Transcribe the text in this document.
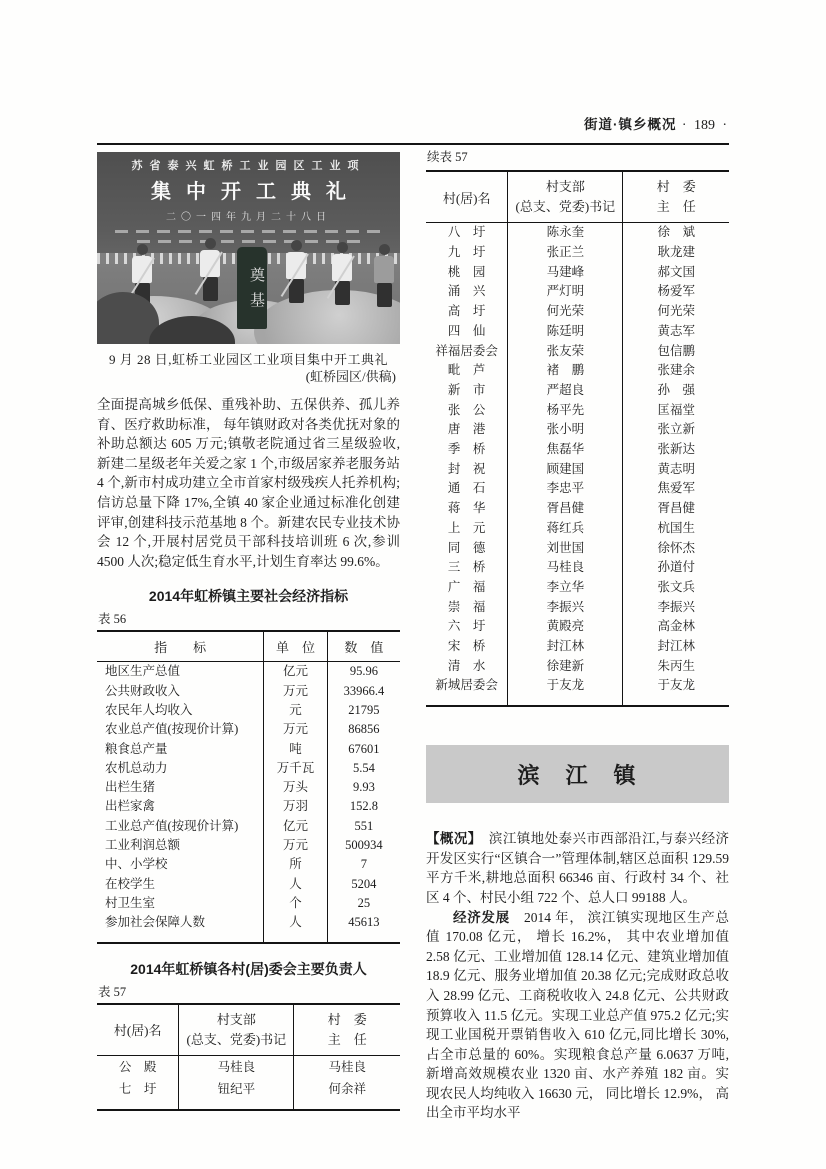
街道·镇乡概况 · 189 ·
苏省泰兴虹桥工业园区工业项
集中开工典礼
二〇一四年九月二十八日
奠基
9 月 28 日,虹桥工业园区工业项目集中开工典礼
(虹桥园区/供稿)
全面提高城乡低保、重残补助、五保供养、孤儿养育、医疗救助标准， 每年镇财政对各类优抚对象的补助总额达 605 万元;镇敬老院通过省三星级验收,新建二星级老年关爱之家 1 个,市级居家养老服务站 4 个,新市村成功建立全市首家村级残疾人托养机构;信访总量下降 17%,全镇 40 家企业通过标准化创建评审,创建科技示范基地 8 个。新建农民专业技术协会 12 个,开展村居党员干部科技培训班 6 次,参训 4500 人次;稳定低生育水平,计划生育率达 99.6%。
2014年虹桥镇主要社会经济指标
表 56
指　　标	单　位	数　值
地区生产总值	亿元	95.96
公共财政收入	万元	33966.4
农民年人均收入	元	21795
农业总产值(按现价计算)	万元	86856
粮食总产量	吨	67601
农机总动力	万千瓦	5.54
出栏生猪	万头	9.93
出栏家禽	万羽	152.8
工业总产值(按现价计算)	亿元	551
工业利润总额	万元	500934
中、小学校	所	7
在校学生	人	5204
村卫生室	个	25
参加社会保障人数	人	45613
2014年虹桥镇各村(居)委会主要负责人
表 57
村(居)名	
村支部
(总支、党委)书记

村　委
主　任

公　殿	马桂良	马桂良
七　圩	钮纪平	何余祥
续表 57
村(居)名	
村支部
(总支、党委)书记

村　委
主　任

八　圩	陈永奎	徐　斌
九　圩	张正兰	耿龙建
桃　园	马建峰	郝文国
涌　兴	严灯明	杨爱军
高　圩	何光荣	何光荣
四　仙	陈廷明	黄志军
祥福居委会	张友荣	包信鹏
毗　芦	褚　鹏	张建余
新　市	严超良	孙　强
张　公	杨平先	匡福堂
唐　港	张小明	张立新
季　桥	焦磊华	张新达
封　祝	顾建国	黄志明
通　石	李忠平	焦爱军
蒋　华	胥昌健	胥昌健
上　元	蒋红兵	杭国生
同　德	刘世国	徐怀杰
三　桥	马桂良	孙道付
广　福	李立华	张文兵
崇　福	李振兴	李振兴
六　圩	黄殿亮	高金林
宋　桥	封江林	封江林
清　水	徐建新	朱丙生
新城居委会	于友龙	于友龙
滨　江　镇
【概况】　滨江镇地处泰兴市西部沿江,与泰兴经济开发区实行“区镇合一”管理体制,辖区总面积 129.59 平方千米,耕地总面积 66346 亩、行政村 34 个、社区 4 个、村民小组 722 个、总人口 99188 人。
经济发展　2014 年， 滨江镇实现地区生产总值 170.08 亿元， 增长 16.2%， 其中农业增加值 2.58 亿元、工业增加值 128.14 亿元、建筑业增加值 18.9 亿元、服务业增加值 20.38 亿元;完成财政总收入 28.99 亿元、工商税收收入 24.8 亿元、公共财政预算收入 11.5 亿元。实现工业总产值 975.2 亿元;实现工业国税开票销售收入 610 亿元,同比增长 30%,占全市总量的 60%。实现粮食总产量 6.0637 万吨,新增高效规模农业 1320 亩、水产养殖 182 亩。实现农民人均纯收入 16630 元， 同比增长 12.9%， 高出全市平均水平
